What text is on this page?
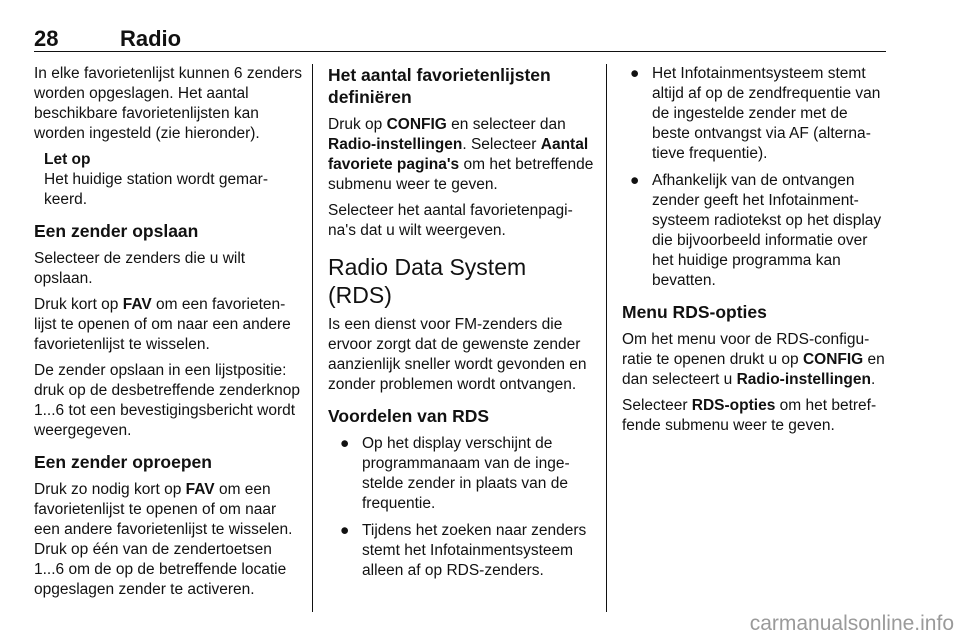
28	Radio

In elke favorietenlijst kunnen 6 zenders worden opgeslagen. Het aantal beschikbare favorietenlijsten kan worden ingesteld (zie hieronder).

Let op
Het huidige station wordt gemarkeerd.
Een zender opslaan

Selecteer de zenders die u wilt opslaan.

Druk kort op FAV om een favorietenlijst te openen of om naar een andere favorietenlijst te wisselen.

De zender opslaan in een lijstpositie: druk op de desbetreffende zenderknop 1...6 tot een bevestigingsbericht wordt weergegeven.

Een zender oproepen

Druk zo nodig kort op FAV om een favorietenlijst te openen of om naar een andere favorietenlijst te wisselen. Druk op één van de zendertoetsen 1...6 om de op de betreffende locatie opgeslagen zender te activeren.

Het aantal favorietenlijsten definiëren

Druk op CONFIG en selecteer dan Radio-instellingen. Selecteer Aantal favoriete pagina's om het betreffende submenu weer te geven.

Selecteer het aantal favorietenpagina's dat u wilt weergeven.

Radio Data System (RDS)

Is een dienst voor FM-zenders die ervoor zorgt dat de gewenste zender aanzienlijk sneller wordt gevonden en zonder problemen wordt ontvangen.

Voordelen van RDS
● Op het display verschijnt de programmanaam van de ingestelde zender in plaats van de frequentie.
● Tijdens het zoeken naar zenders stemt het Infotainmentsysteem alleen af op RDS-zenders.
● Het Infotainmentsysteem stemt altijd af op de zendfrequentie van de ingestelde zender met de beste ontvangst via AF (alternatieve frequentie).
● Afhankelijk van de ontvangen zender geeft het Infotainmentsysteem radiotekst op het display die bijvoorbeeld informatie over het huidige programma kan bevatten.
Menu RDS-opties

Om het menu voor de RDS-configuratie te openen drukt u op CONFIG en dan selecteert u Radio-instellingen.

Selecteer RDS-opties om het betreffende submenu weer te geven.

carmanualsonline.info
